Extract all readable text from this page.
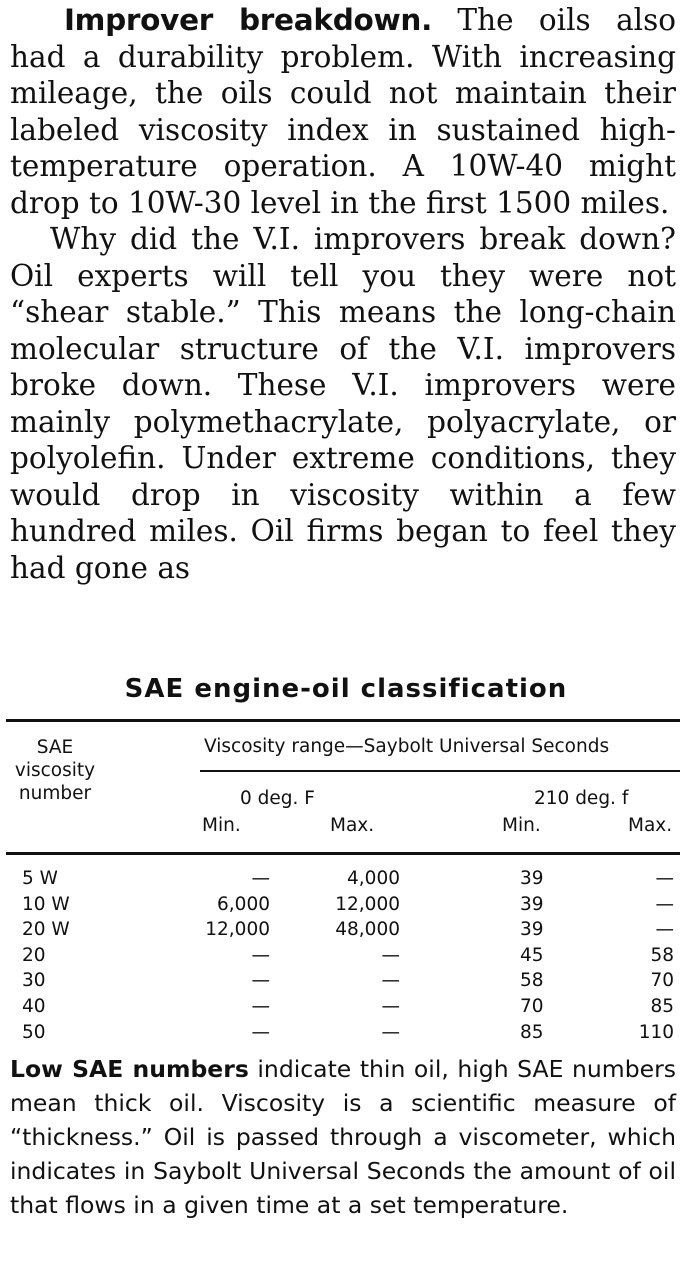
Improver breakdown. The oils also had a durability problem. With increasing mileage, the oils could not maintain their labeled viscosity index in sustained high-temperature operation. A 10W-40 might drop to 10W-30 level in the first 1500 miles.

Why did the V.I. improvers break down? Oil experts will tell you they were not “shear stable.” This means the long-chain molecular structure of the V.I. improvers broke down. These V.I. improvers were mainly polymethacrylate, polyacrylate, or polyolefin. Under extreme conditions, they would drop in viscosity within a few hundred miles. Oil firms began to feel they had gone as

SAE engine-oil classification
SAE viscosity number
Viscosity range—Saybolt Universal Seconds
0 deg. F	210 deg. f
Min.	Max.	Min.	Max.
5 W	—	4,000	39	—
10 W	6,000	12,000	39	—
20 W	12,000	48,000	39	—
20	—	—	45	58
30	—	—	58	70
40	—	—	70	85
50	—	—	85	110

Low SAE numbers indicate thin oil, high SAE numbers mean thick oil. Viscosity is a scientific measure of “thickness.” Oil is passed through a viscometer, which indicates in Saybolt Universal Seconds the amount of oil that flows in a given time at a set temperature.
